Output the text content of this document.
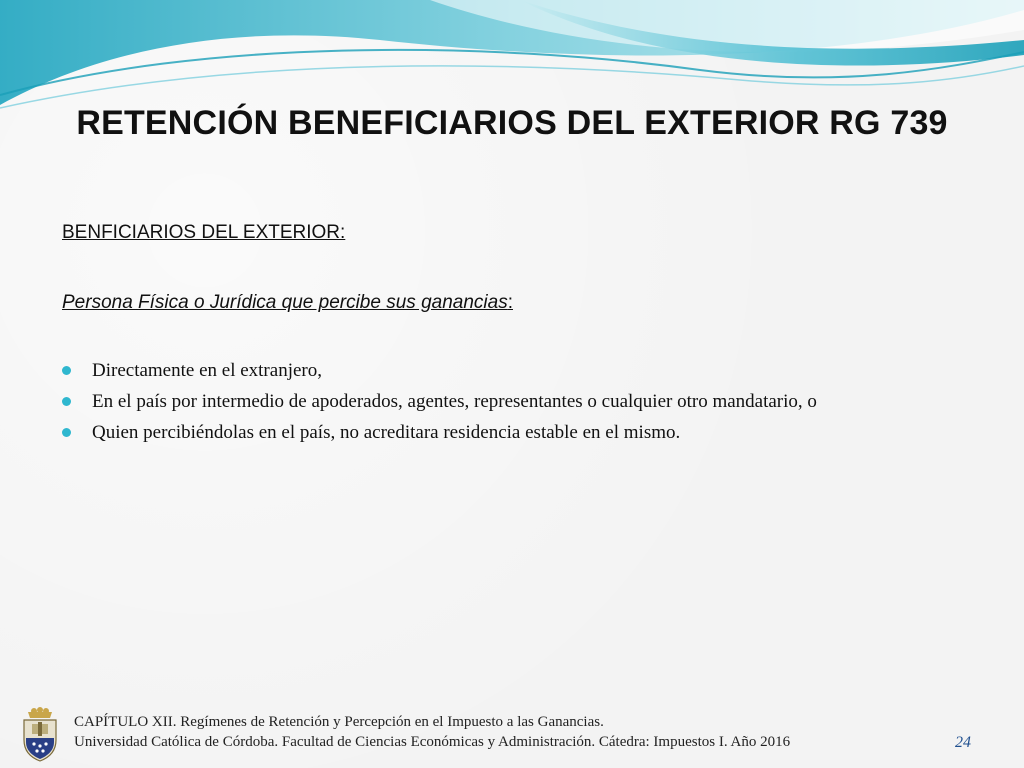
RETENCIÓN BENEFICIARIOS DEL EXTERIOR RG 739
BENFICIARIOS DEL EXTERIOR:
Persona Física o Jurídica que percibe sus ganancias:
Directamente en el extranjero,
En el país por intermedio de apoderados, agentes, representantes o cualquier otro mandatario, o
Quien percibiéndolas en el país, no acreditara residencia estable en el mismo.
CAPÍTULO XII. Regímenes de Retención y Percepción en el Impuesto a las Ganancias.
Universidad Católica de Córdoba. Facultad de Ciencias Económicas y Administración. Cátedra: Impuestos I. Año 2016	24
